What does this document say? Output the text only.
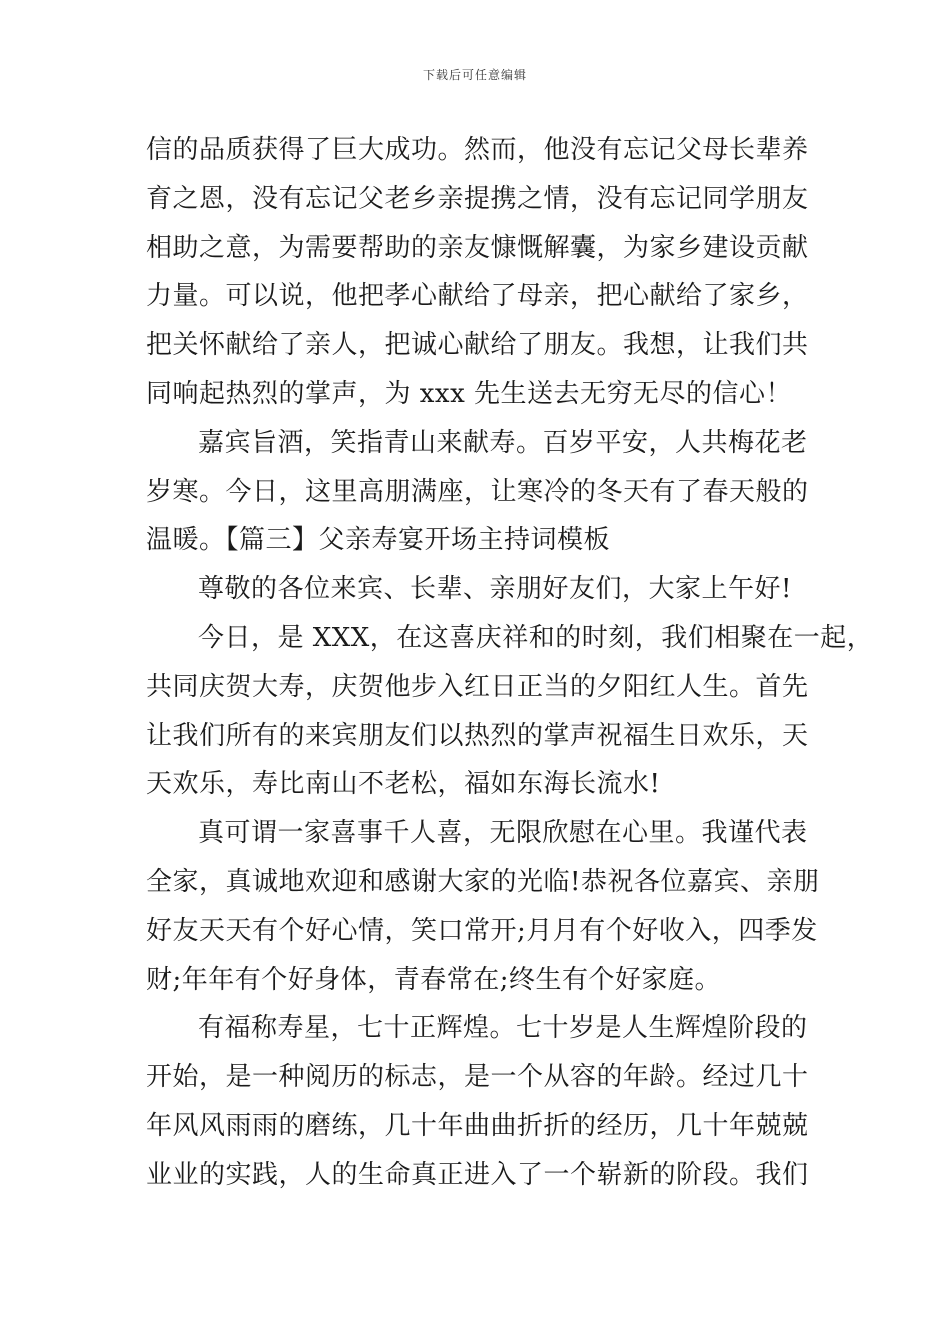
下载后可任意编辑
信的品质获得了巨大成功。然而，他没有忘记父母长辈养
育之恩，没有忘记父老乡亲提携之情，没有忘记同学朋友
相助之意，为需要帮助的亲友慷慨解囊，为家乡建设贡献
力量。可以说，他把孝心献给了母亲，把心献给了家乡，
把关怀献给了亲人，把诚心献给了朋友。我想，让我们共
同响起热烈的掌声，为 xxx 先生送去无穷无尽的信心！
嘉宾旨酒，笑指青山来献寿。百岁平安，人共梅花老
岁寒。今日，这里高朋满座，让寒冷的冬天有了春天般的
温暖。【篇三】父亲寿宴开场主持词模板
尊敬的各位来宾、长辈、亲朋好友们，大家上午好!
今日，是 XXX，在这喜庆祥和的时刻，我们相聚在一起，
共同庆贺大寿，庆贺他步入红日正当的夕阳红人生。首先
让我们所有的来宾朋友们以热烈的掌声祝福生日欢乐，天
天欢乐，寿比南山不老松，福如东海长流水!
真可谓一家喜事千人喜，无限欣慰在心里。我谨代表
全家，真诚地欢迎和感谢大家的光临!恭祝各位嘉宾、亲朋
好友天天有个好心情，笑口常开;月月有个好收入，四季发
财;年年有个好身体，青春常在;终生有个好家庭。
有福称寿星，七十正辉煌。七十岁是人生辉煌阶段的
开始，是一种阅历的标志，是一个从容的年龄。经过几十
年风风雨雨的磨练，几十年曲曲折折的经历，几十年兢兢
业业的实践，人的生命真正进入了一个崭新的阶段。我们
